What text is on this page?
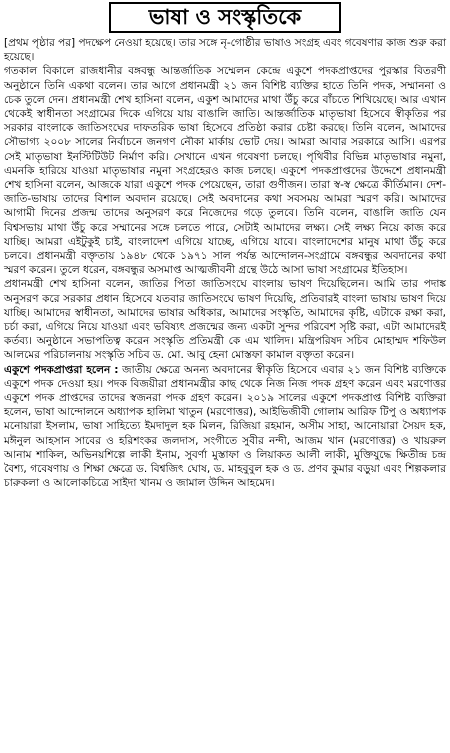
ভাষা ও সংস্কৃতিকে

[প্রথম পৃষ্ঠার পর] পদক্ষেপ নেওয়া হয়েছে। তার সঙ্গে নৃ-গোষ্ঠীর ভাষাও সংগ্রহ এবং গবেষণার কাজ শুরু করা হয়েছে।

গতকাল বিকালে রাজধানীর বঙ্গবন্ধু আন্তর্জাতিক সম্মেলন কেন্দ্রে একুশে পদকপ্রাপ্তদের পুরস্কার বিতরণী অনুষ্ঠানে তিনি একথা বলেন। তার আগে প্রধানমন্ত্রী ২১ জন বিশিষ্ট ব্যক্তির হাতে তিনি পদক, সম্মাননা ও চেক তুলে দেন। প্রধানমন্ত্রী শেখ হাসিনা বলেন, একুশ আমাদের মাথা উঁচু করে বাঁচতে শিখিয়েছে। আর এখান থেকেই স্বাধীনতা সংগ্রামের দিকে এগিয়ে যায় বাঙালি জাতি। আন্তর্জাতিক মাতৃভাষা হিসেবে স্বীকৃতির পর সরকার বাংলাকে জাতিসংঘের দাফতরিক ভাষা হিসেবে প্রতিষ্ঠা করার চেষ্টা করছে। তিনি বলেন, আমাদের সৌভাগ্য ২০০৮ সালের নির্বাচনে জনগণ নৌকা মার্কায় ভোট দেয়। আমরা আবার সরকারে আসি। এরপর সেই মাতৃভাষা ইনস্টিটিউট নির্মাণ করি। সেখানে এখন গবেষণা চলছে। পৃথিবীর বিভিন্ন মাতৃভাষার নমুনা, এমনকি হারিয়ে যাওয়া মাতৃভাষার নমুনা সংগ্রহেরও কাজ চলছে। একুশে পদকপ্রাপ্তদের উদ্দেশে প্রধানমন্ত্রী শেখ হাসিনা বলেন, আজকে যারা একুশে পদক পেয়েছেন, তারা গুণীজন। তারা স্ব-স্ব ক্ষেত্রে কীর্তিমান। দেশ-জাতি-ভাষায় তাদের বিশাল অবদান রয়েছে। সেই অবদানের কথা সবসময় আমরা স্মরণ করি। আমাদের আগামী দিনের প্রজন্ম তাদের অনুসরণ করে নিজেদের গড়ে তুলবে। তিনি বলেন, বাঙালি জাতি যেন বিশ্বসভায় মাথা উঁচু করে সম্মানের সঙ্গে চলতে পারে, সেটাই আমাদের লক্ষ্য। সেই লক্ষ্য নিয়ে কাজ করে যাচ্ছি। আমরা এইটুকুই চাই, বাংলাদেশ এগিয়ে যাচ্ছে, এগিয়ে যাবে। বাংলাদেশের মানুষ মাথা উঁচু করে চলবে। প্রধানমন্ত্রী বক্তৃতায় ১৯৪৮ থেকে ১৯৭১ সাল পর্যন্ত আন্দোলন-সংগ্রামে বঙ্গবন্ধুর অবদানের কথা স্মরণ করেন। তুলে ধরেন, বঙ্গবন্ধুর অসমাপ্ত আত্মজীবনী গ্রন্থে উঠে আসা ভাষা সংগ্রামের ইতিহাস।

প্রধানমন্ত্রী শেখ হাসিনা বলেন, জাতির পিতা জাতিসংঘে বাংলায় ভাষণ দিয়েছিলেন। আমি তার পদাঙ্ক অনুসরণ করে সরকার প্রধান হিসেবে যতবার জাতিসংঘে ভাষণ দিয়েছি, প্রতিবারই বাংলা ভাষায় ভাষণ দিয়ে যাচ্ছি। আমাদের স্বাধীনতা, আমাদের ভাষার অধিকার, আমাদের সংস্কৃতি, আমাদের কৃষ্টি, এটাকে রক্ষা করা, চর্চা করা, এগিয়ে নিয়ে যাওয়া এবং ভবিষ্যৎ প্রজন্মের জন্য একটা সুন্দর পরিবেশ সৃষ্টি করা, এটা আমাদেরই কর্তব্য। অনুষ্ঠানে সভাপতিত্ব করেন সংস্কৃতি প্রতিমন্ত্রী কে এম খালিদ। মন্ত্রিপরিষদ সচিব মোহাম্মদ শফিউল আলমের পরিচালনায় সংস্কৃতি সচিব ড. মো. আবু হেনা মোস্তফা কামাল বক্তৃতা করেন।

একুশে পদকপ্রাপ্তরা হলেন : জাতীয় ক্ষেত্রে অনন্য অবদানের স্বীকৃতি হিসেবে এবার ২১ জন বিশিষ্ট ব্যক্তিকে একুশে পদক দেওয়া হয়। পদক বিজয়ীরা প্রধানমন্ত্রীর কাছ থেকে নিজ নিজ পদক গ্রহণ করেন এবং মরণোত্তর একুশে পদক প্রাপ্তদের তাদের স্বজনরা পদক গ্রহণ করেন। ২০১৯ সালের একুশে পদকপ্রাপ্ত বিশিষ্ট ব্যক্তিরা হলেন, ভাষা আন্দোলনে অধ্যাপক হালিমা খাতুন (মরণোত্তর), আইভিজীবী গোলাম আরিফ টিপু ও অধ্যাপক মনোয়ারা ইসলাম, ভাষা সাহিত্যে ইমদাদুল হক মিলন, রিজিয়া রহমান, অসীম সাহা, আনোয়ারা সৈয়দ হক, মঈনুল আহসান সাবের ও হরিশংকর জলদাস, সংগীতে সুবীর নন্দী, আজম খান (মরণোত্তর) ও খায়রুল আনাম শাকিল, অভিনয়শিল্পে লাকী ইনাম, সুবর্ণা মুস্তাফা ও লিয়াকত আলী লাকী, মুক্তিযুদ্ধে ক্ষিতীন্দ্র চন্দ্র বৈশ্য, গবেষণায় ও শিক্ষা ক্ষেত্রে ড. বিশ্বজিৎ ঘোষ, ড. মাহবুবুল হক ও ড. প্রণব কুমার বড়ুয়া এবং শিল্পকলার চারুকলা ও আলোকচিত্রে সাইদা খানম ও জামাল উদ্দিন আহমেদ।
